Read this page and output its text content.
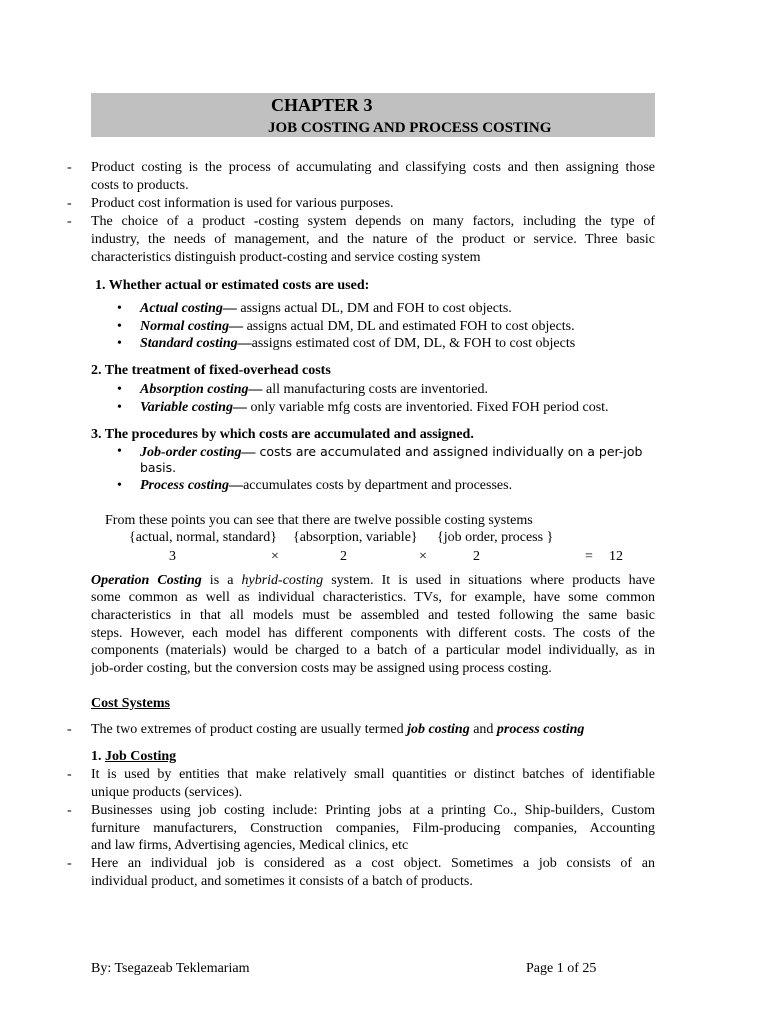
CHAPTER 3
JOB COSTING AND PROCESS COSTING
- Product costing is the process of accumulating and classifying costs and then assigning those
costs to products.
- Product cost information is used for various purposes.
- The choice of a product -costing system depends on many factors, including the type of
industry, the needs of management, and the nature of the product or service. Three basic
characteristics distinguish product-costing and service costing system
1. Whether actual or estimated costs are used:
• Actual costing— assigns actual DL, DM and FOH to cost objects.
• Normal costing— assigns actual DM, DL and estimated FOH to cost objects.
• Standard costing—assigns estimated cost of DM, DL, & FOH to cost objects
2. The treatment of fixed-overhead costs
• Absorption costing— all manufacturing costs are inventoried.
• Variable costing— only variable mfg costs are inventoried. Fixed FOH period cost.
3. The procedures by which costs are accumulated and assigned.
• Job-order costing— costs are accumulated and assigned individually on a per-job
basis.
• Process costing—accumulates costs by department and processes.
From these points you can see that there are twelve possible costing systems
{actual, normal, standard} {absorption, variable} {job order, process }
3	×	2	×	2	= 12
Operation Costing is a hybrid-costing system. It is used in situations where products have
some common as well as individual characteristics. TVs, for example, have some common
characteristics in that all models must be assembled and tested following the same basic
steps. However, each model has different components with different costs. The costs of the
components (materials) would be charged to a batch of a particular model individually, as in
job-order costing, but the conversion costs may be assigned using process costing.
Cost Systems
- The two extremes of product costing are usually termed job costing and process costing
1. Job Costing
- It is used by entities that make relatively small quantities or distinct batches of identifiable
unique products (services).
- Businesses using job costing include: Printing jobs at a printing Co., Ship-builders, Custom
furniture manufacturers, Construction companies, Film-producing companies, Accounting
and law firms, Advertising agencies, Medical clinics, etc
- Here an individual job is considered as a cost object. Sometimes a job consists of an
individual product, and sometimes it consists of a batch of products.
By: Tsegazeab Teklemariam	Page 1 of 25
